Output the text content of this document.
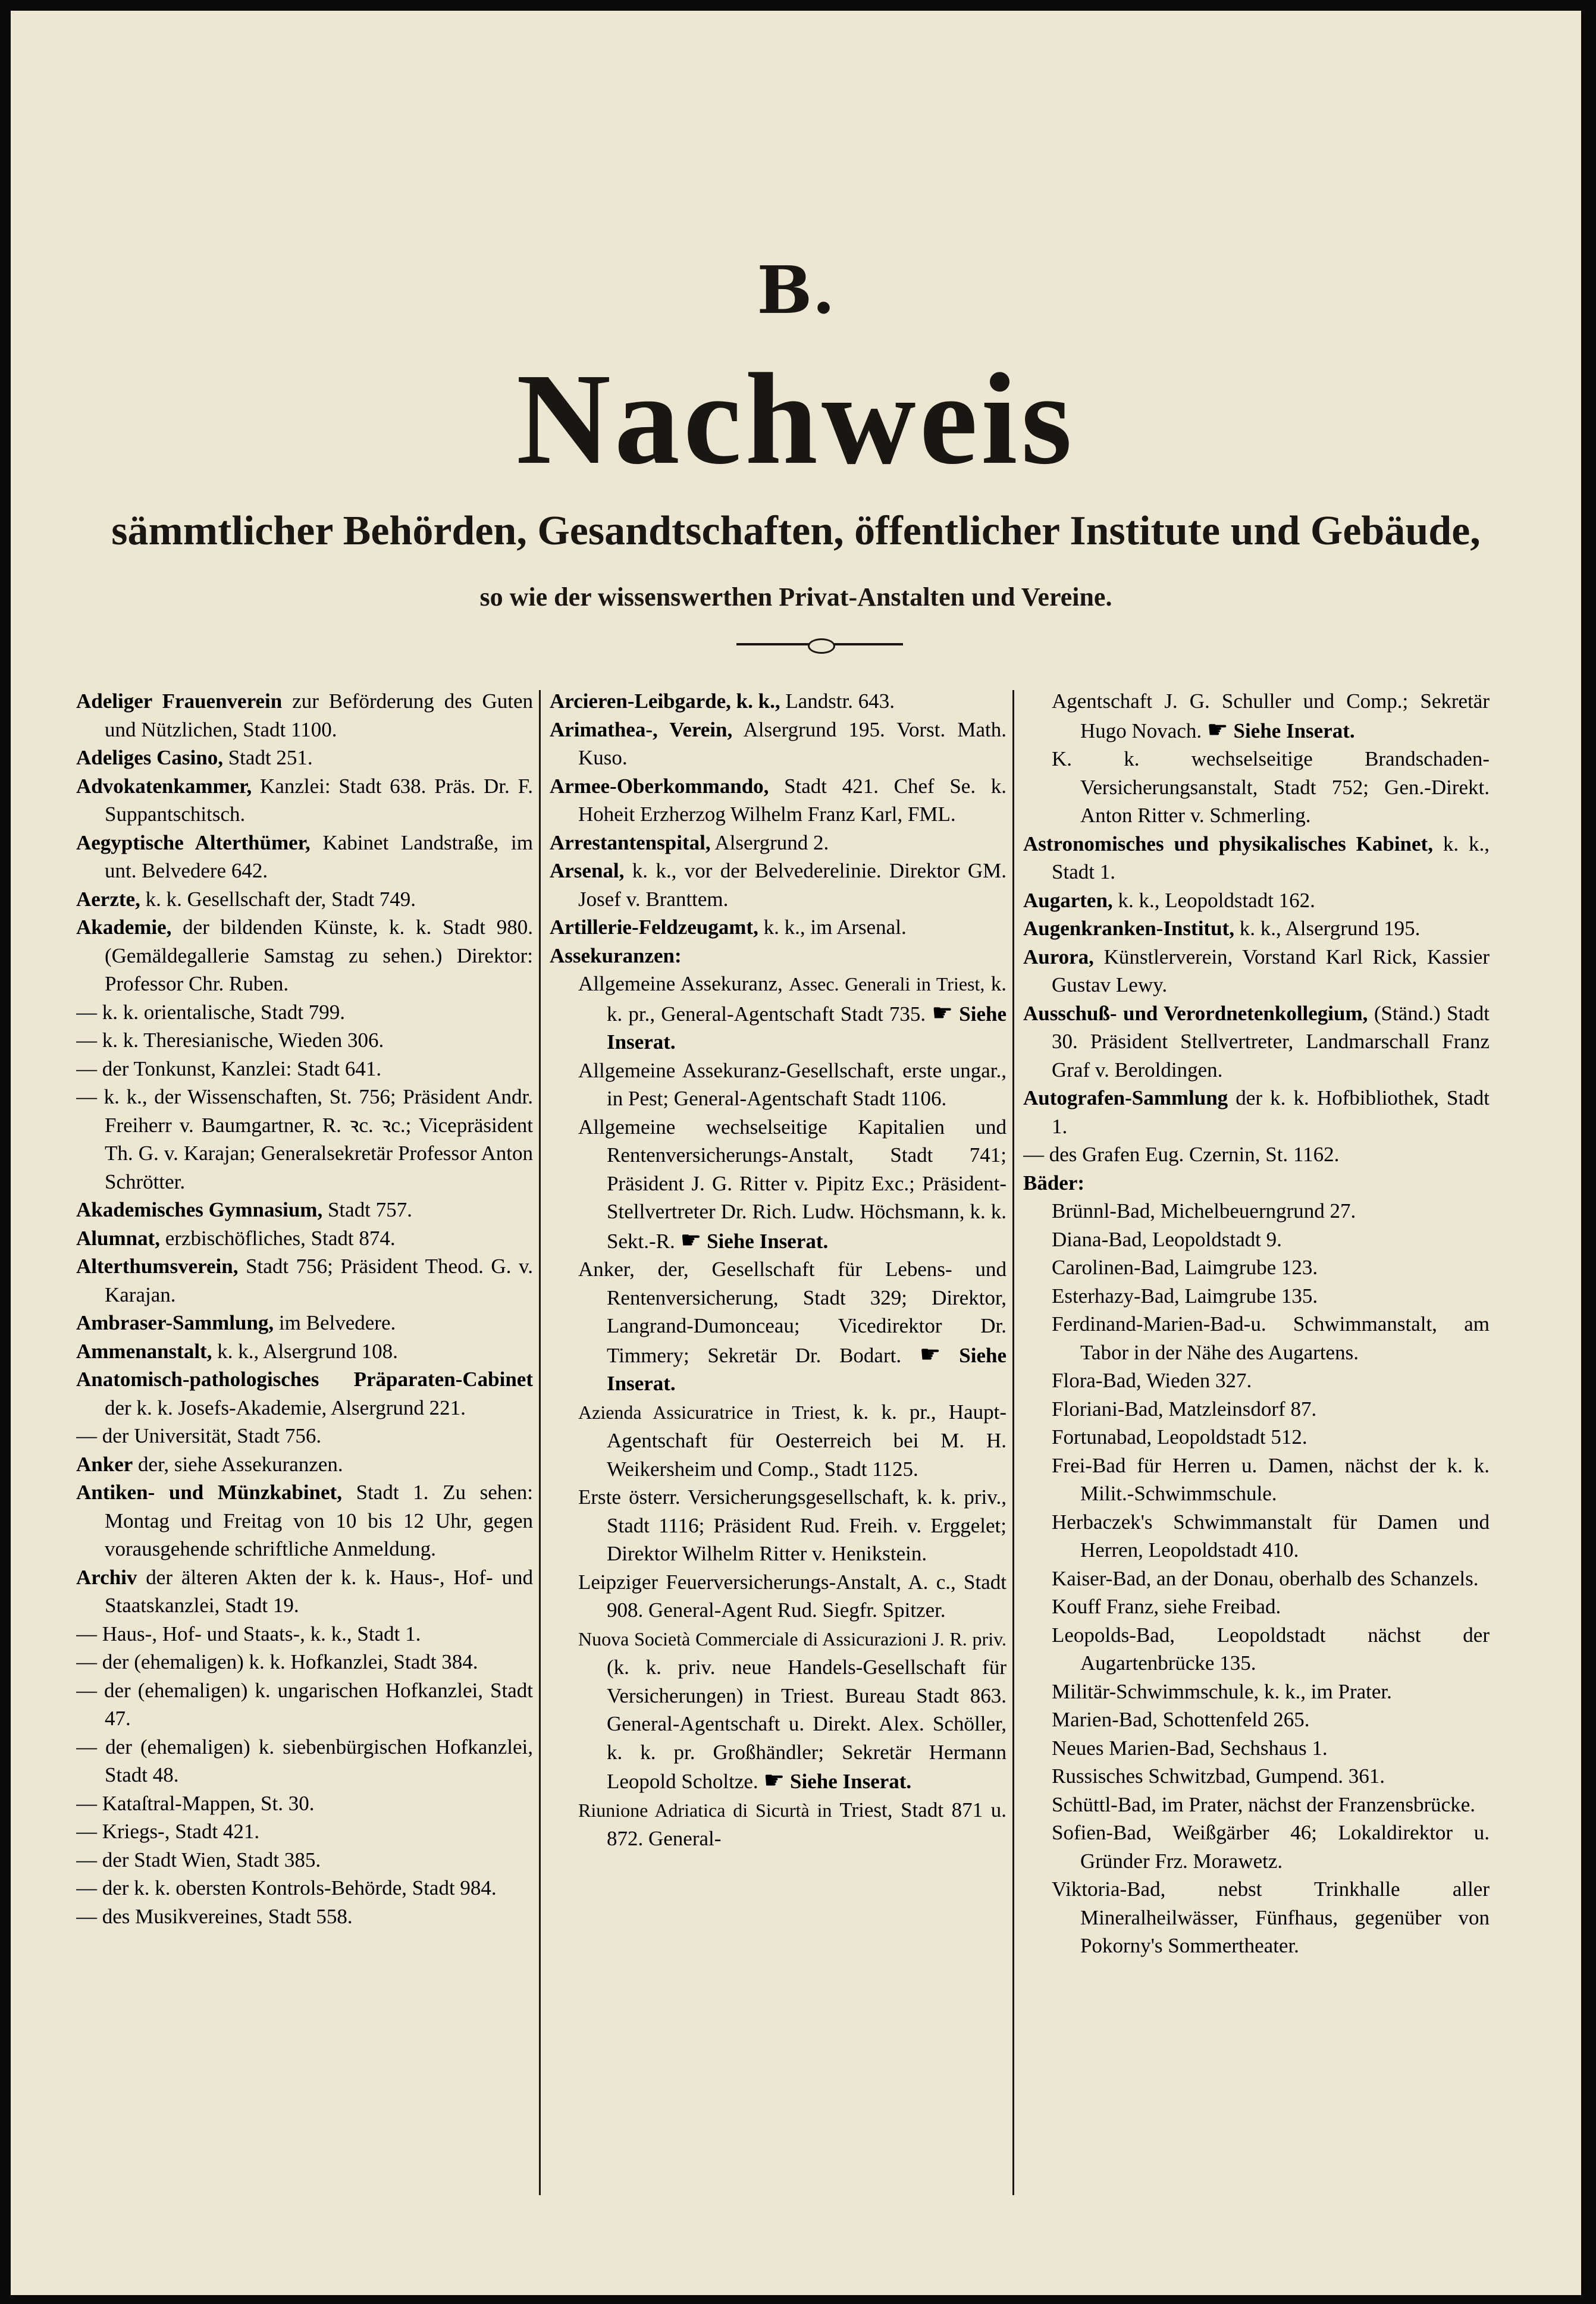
B.
Nachweis
sämmtlicher Behörden, Gesandtschaften, öffentlicher Institute und Gebäude,
so wie der wissenswerthen Privat-Anstalten und Vereine.

Adeliger Frauenverein zur Beförderung des Guten und Nützlichen, Stadt 1100.

Adeliges Casino, Stadt 251.

Advokatenkammer, Kanzlei: Stadt 638. Präs. Dr. F. Suppantschitsch.

Aegyptische Alterthümer, Kabinet Landstraße, im unt. Belvedere 642.

Aerzte, k. k. Gesellschaft der, Stadt 749.

Akademie, der bildenden Künste, k. k. Stadt 980. (Gemäldegallerie Samstag zu sehen.) Direktor: Professor Chr. Ruben.

— k. k. orientalische, Stadt 799.

— k. k. Theresianische, Wieden 306.

— der Tonkunst, Kanzlei: Stadt 641.

— k. k., der Wissenschaften, St. 756; Präsident Andr. Freiherr v. Baumgartner, R. ꝛc. ꝛc.; Vicepräsident Th. G. v. Karajan; Generalsekretär Professor Anton Schrötter.

Akademisches Gymnasium, Stadt 757.

Alumnat, erzbischöfliches, Stadt 874.

Alterthumsverein, Stadt 756; Präsident Theod. G. v. Karajan.

Ambraser-Sammlung, im Belvedere.

Ammenanstalt, k. k., Alsergrund 108.

Anatomisch-pathologisches Präparaten-Cabinet der k. k. Josefs-Akademie, Alsergrund 221.

— der Universität, Stadt 756.

Anker der, siehe Assekuranzen.

Antiken- und Münzkabinet, Stadt 1. Zu sehen: Montag und Freitag von 10 bis 12 Uhr, gegen vorausgehende schriftliche Anmeldung.

Archiv der älteren Akten der k. k. Haus-, Hof- und Staatskanzlei, Stadt 19.

— Haus-, Hof- und Staats-, k. k., Stadt 1.

— der (ehemaligen) k. k. Hofkanzlei, Stadt 384.

— der (ehemaligen) k. ungarischen Hofkanzlei, Stadt 47.

— der (ehemaligen) k. siebenbürgischen Hofkanzlei, Stadt 48.

— Kataſtral-Mappen, St. 30.

— Kriegs-, Stadt 421.

— der Stadt Wien, Stadt 385.

— der k. k. obersten Kontrols-Behörde, Stadt 984.

— des Musikvereines, Stadt 558.

Arcieren-Leibgarde, k. k., Landstr. 643.

Arimathea-, Verein, Alsergrund 195. Vorst. Math. Kuso.

Armee-Oberkommando, Stadt 421. Chef Se. k. Hoheit Erzherzog Wilhelm Franz Karl, FML.

Arrestantenspital, Alsergrund 2.

Arsenal, k. k., vor der Belvederelinie. Direktor GM. Josef v. Branttem.

Artillerie-Feldzeugamt, k. k., im Arsenal.

Assekuranzen:

Allgemeine Assekuranz, Assec. Generali in Triest, k. k. pr., General-Agentschaft Stadt 735. ☛ Siehe Inserat.

Allgemeine Assekuranz-Gesellschaft, erste ungar., in Pest; General-Agentschaft Stadt 1106.

Allgemeine wechselseitige Kapitalien und Rentenversicherungs-Anstalt, Stadt 741; Präsident J. G. Ritter v. Pipitz Exc.; Präsident-Stellvertreter Dr. Rich. Ludw. Höchsmann, k. k. Sekt.-R. ☛ Siehe Inserat.

Anker, der, Gesellschaft für Lebens- und Rentenversicherung, Stadt 329; Direktor, Langrand-Dumonceau; Vicedirektor Dr. Timmery; Sekretär Dr. Bodart. ☛ Siehe Inserat.

Azienda Assicuratrice in Triest, k. k. pr., Haupt-Agentschaft für Oesterreich bei M. H. Weikersheim und Comp., Stadt 1125.

Erste österr. Versicherungsgesellschaft, k. k. priv., Stadt 1116; Präsident Rud. Freih. v. Erggelet; Direktor Wilhelm Ritter v. Henikstein.

Leipziger Feuerversicherungs-Anstalt, A. c., Stadt 908. General-Agent Rud. Siegfr. Spitzer.

Nuova Società Commerciale di Assicurazioni J. R. priv. (k. k. priv. neue Handels-Gesellschaft für Versicherungen) in Triest. Bureau Stadt 863. General-Agentschaft u. Direkt. Alex. Schöller, k. k. pr. Großhändler; Sekretär Hermann Leopold Scholtze. ☛ Siehe Inserat.

Riunione Adriatica di Sicurtà in Triest, Stadt 871 u. 872. General-

Agentschaft J. G. Schuller und Comp.; Sekretär Hugo Novach. ☛ Siehe Inserat.

K. k. wechselseitige Brandschaden-Versicherungsanstalt, Stadt 752; Gen.-Direkt. Anton Ritter v. Schmerling.

Astronomisches und physikalisches Kabinet, k. k., Stadt 1.

Augarten, k. k., Leopoldstadt 162.

Augenkranken-Institut, k. k., Alsergrund 195.

Aurora, Künstlerverein, Vorstand Karl Rick, Kassier Gustav Lewy.

Ausschuß- und Verordnetenkollegium, (Ständ.) Stadt 30. Präsident Stellvertreter, Landmarschall Franz Graf v. Beroldingen.

Autografen-Sammlung der k. k. Hofbibliothek, Stadt 1.

— des Grafen Eug. Czernin, St. 1162.

Bäder:

Brünnl-Bad, Michelbeuerngrund 27.

Diana-Bad, Leopoldstadt 9.

Carolinen-Bad, Laimgrube 123.

Esterhazy-Bad, Laimgrube 135.

Ferdinand-Marien-Bad-u. Schwimmanstalt, am Tabor in der Nähe des Augartens.

Flora-Bad, Wieden 327.

Floriani-Bad, Matzleinsdorf 87.

Fortunabad, Leopoldstadt 512.

Frei-Bad für Herren u. Damen, nächst der k. k. Milit.-Schwimmschule.

Herbaczek's Schwimmanstalt für Damen und Herren, Leopoldstadt 410.

Kaiser-Bad, an der Donau, oberhalb des Schanzels.

Kouff Franz, siehe Freibad.

Leopolds-Bad, Leopoldstadt nächst der Augartenbrücke 135.

Militär-Schwimmschule, k. k., im Prater.

Marien-Bad, Schottenfeld 265.

Neues Marien-Bad, Sechshaus 1.

Russisches Schwitzbad, Gumpend. 361.

Schüttl-Bad, im Prater, nächst der Franzensbrücke.

Sofien-Bad, Weißgärber 46; Lokaldirektor u. Gründer Frz. Morawetz.

Viktoria-Bad, nebst Trinkhalle aller Mineralheilwässer, Fünfhaus, gegenüber von Pokorny's Sommertheater.
